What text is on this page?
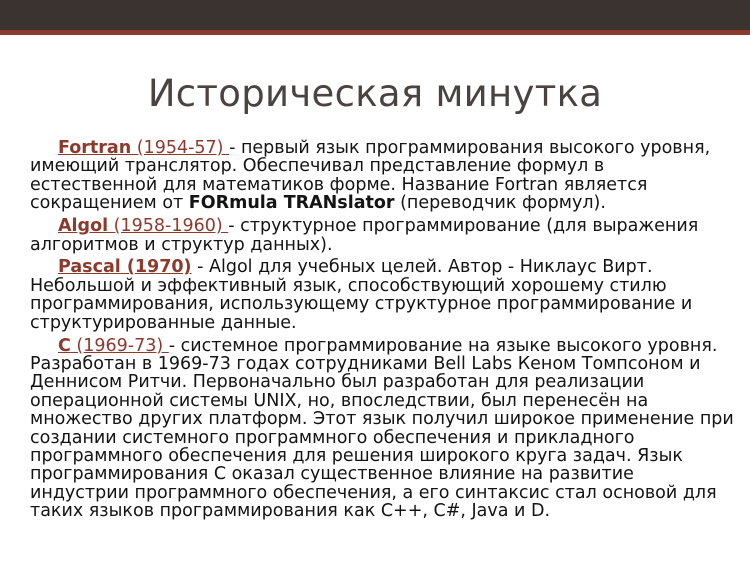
Историческая минутка

Fortran (1954-57) - первый язык программирования высокого уровня, имеющий транслятор. Обеспечивал представление формул в естественной для математиков форме. Название Fortran является сокращением от FORmula TRANslator (переводчик формул).

Algol (1958-1960) - структурное программирование (для выражения алгоритмов и структур данных).

Pascal (1970) - Algol для учебных целей. Автор - Никлаус Вирт. Небольшой и эффективный язык, способствующий хорошему стилю программирования, использующему структурное программирование и структурированные данные.

C (1969-73) - системное программирование на языке высокого уровня. Разработан в 1969-73 годах сотрудниками Bell Labs Кеном Томпсоном и Деннисом Ритчи. Первоначально был разработан для реализации операционной системы UNIX, но, впоследствии, был перенесён на множество других платформ. Этот язык получил широкое применение при создании системного программного обеспечения и прикладного программного обеспечения для решения широкого круга задач. Язык программирования С оказал существенное влияние на развитие индустрии программного обеспечения, а его синтаксис стал основой для таких языков программирования как С++, C#, Java и D.
